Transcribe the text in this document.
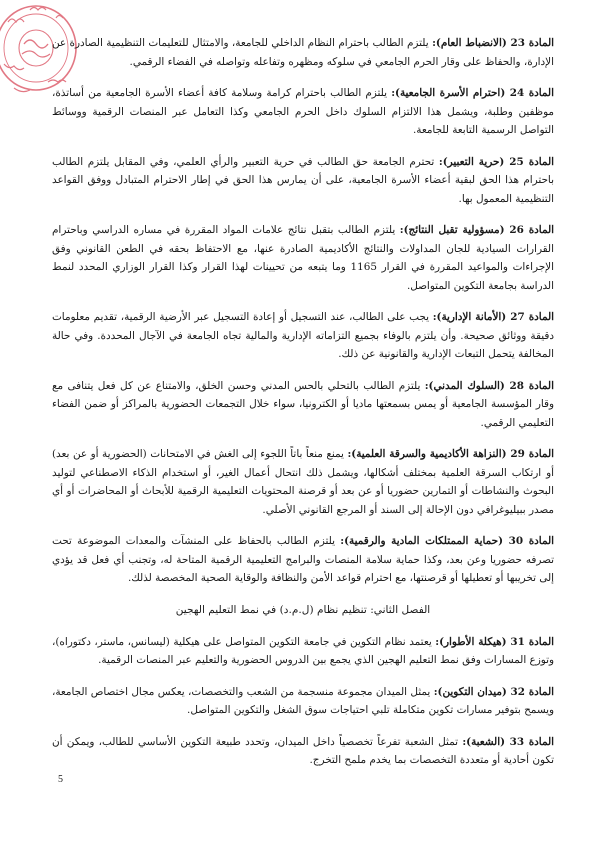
المادة 23 (الانضباط العام): يلتزم الطالب باحترام النظام الداخلي للجامعة، والامتثال للتعليمات التنظيمية الصادرة عن الإدارة، والحفاظ على وقار الحرم الجامعي في سلوكه ومظهره وتفاعله وتواصله في الفضاء الرقمي.

المادة 24 (احترام الأسرة الجامعية): يلتزم الطالب باحترام كرامة وسلامة كافة أعضاء الأسرة الجامعية من أساتذة، موظفين وطلبة، ويشمل هذا الالتزام السلوك داخل الحرم الجامعي وكذا التعامل عبر المنصات الرقمية ووسائط التواصل الرسمية التابعة للجامعة.

المادة 25 (حرية التعبير): تحترم الجامعة حق الطالب في حرية التعبير والرأي العلمي، وفي المقابل يلتزم الطالب باحترام هذا الحق لبقية أعضاء الأسرة الجامعية، على أن يمارس هذا الحق في إطار الاحترام المتبادل ووفق القواعد التنظيمية المعمول بها.

المادة 26 (مسؤولية تقبل النتائج): يلتزم الطالب بتقبل نتائج علامات المواد المقررة في مساره الدراسي وباحترام القرارات السيادية للجان المداولات والنتائج الأكاديمية الصادرة عنها، مع الاحتفاظ بحقه في الطعن القانوني وفق الإجراءات والمواعيد المقررة في القرار 1165 وما يتبعه من تحيينات لهذا القرار وكذا القرار الوزاري المحدد لنمط الدراسة بجامعة التكوين المتواصل.

المادة 27 (الأمانة الإدارية): يجب على الطالب، عند التسجيل أو إعادة التسجيل عبر الأرضية الرقمية، تقديم معلومات دقيقة ووثائق صحيحة. وأن يلتزم بالوفاء بجميع التزاماته الإدارية والمالية تجاه الجامعة في الآجال المحددة. وفي حالة المخالفة يتحمل التبعات الإدارية والقانونية عن ذلك.

المادة 28 (السلوك المدني): يلتزم الطالب بالتحلي بالحس المدني وحسن الخلق، والامتناع عن كل فعل يتنافى مع وقار المؤسسة الجامعية أو يمس بسمعتها ماديا أو الكترونيا، سواء خلال التجمعات الحضورية بالمراكز أو ضمن الفضاء التعليمي الرقمي.

المادة 29 (النزاهة الأكاديمية والسرقة العلمية): يمنع منعاً باتاً اللجوء إلى الغش في الامتحانات (الحضورية أو عن بعد) أو ارتكاب السرقة العلمية بمختلف أشكالها، ويشمل ذلك انتحال أعمال الغير، أو استخدام الذكاء الاصطناعي لتوليد البحوث والنشاطات أو التمارين حضوريا أو عن بعد أو قرصنة المحتويات التعليمية الرقمية للأبحاث أو المحاضرات أو أي مصدر ببيليوغرافي دون الإحالة إلى السند أو المرجع القانوني الأصلي.

المادة 30 (حماية الممتلكات المادية والرقمية): يلتزم الطالب بالحفاظ على المنشآت والمعدات الموضوعة تحت تصرفه حضوريا وعن بعد، وكذا حماية سلامة المنصات والبرامج التعليمية الرقمية المتاحة له، وتجنب أي فعل قد يؤدي إلى تخريبها أو تعطيلها أو قرصنتها، مع احترام قواعد الأمن والنظافة والوقاية الصحية المخصصة لذلك.

الفصل الثاني: تنظيم نظام (ل.م.د) في نمط التعليم الهجين

المادة 31 (هيكلة الأطوار): يعتمد نظام التكوين في جامعة التكوين المتواصل على هيكلية (ليسانس، ماستر، دكتوراه)، وتوزع المسارات وفق نمط التعليم الهجين الذي يجمع بين الدروس الحضورية والتعليم عبر المنصات الرقمية.

المادة 32 (ميدان التكوين): يمثل الميدان مجموعة منسجمة من الشعب والتخصصات، يعكس مجال اختصاص الجامعة، ويسمح بتوفير مسارات تكوين متكاملة تلبي احتياجات سوق الشغل والتكوين المتواصل.

المادة 33 (الشعبة): تمثل الشعبة تفرعاً تخصصياً داخل الميدان، وتحدد طبيعة التكوين الأساسي للطالب، ويمكن أن تكون أحادية أو متعددة التخصصات بما يخدم ملمح التخرج.

5
